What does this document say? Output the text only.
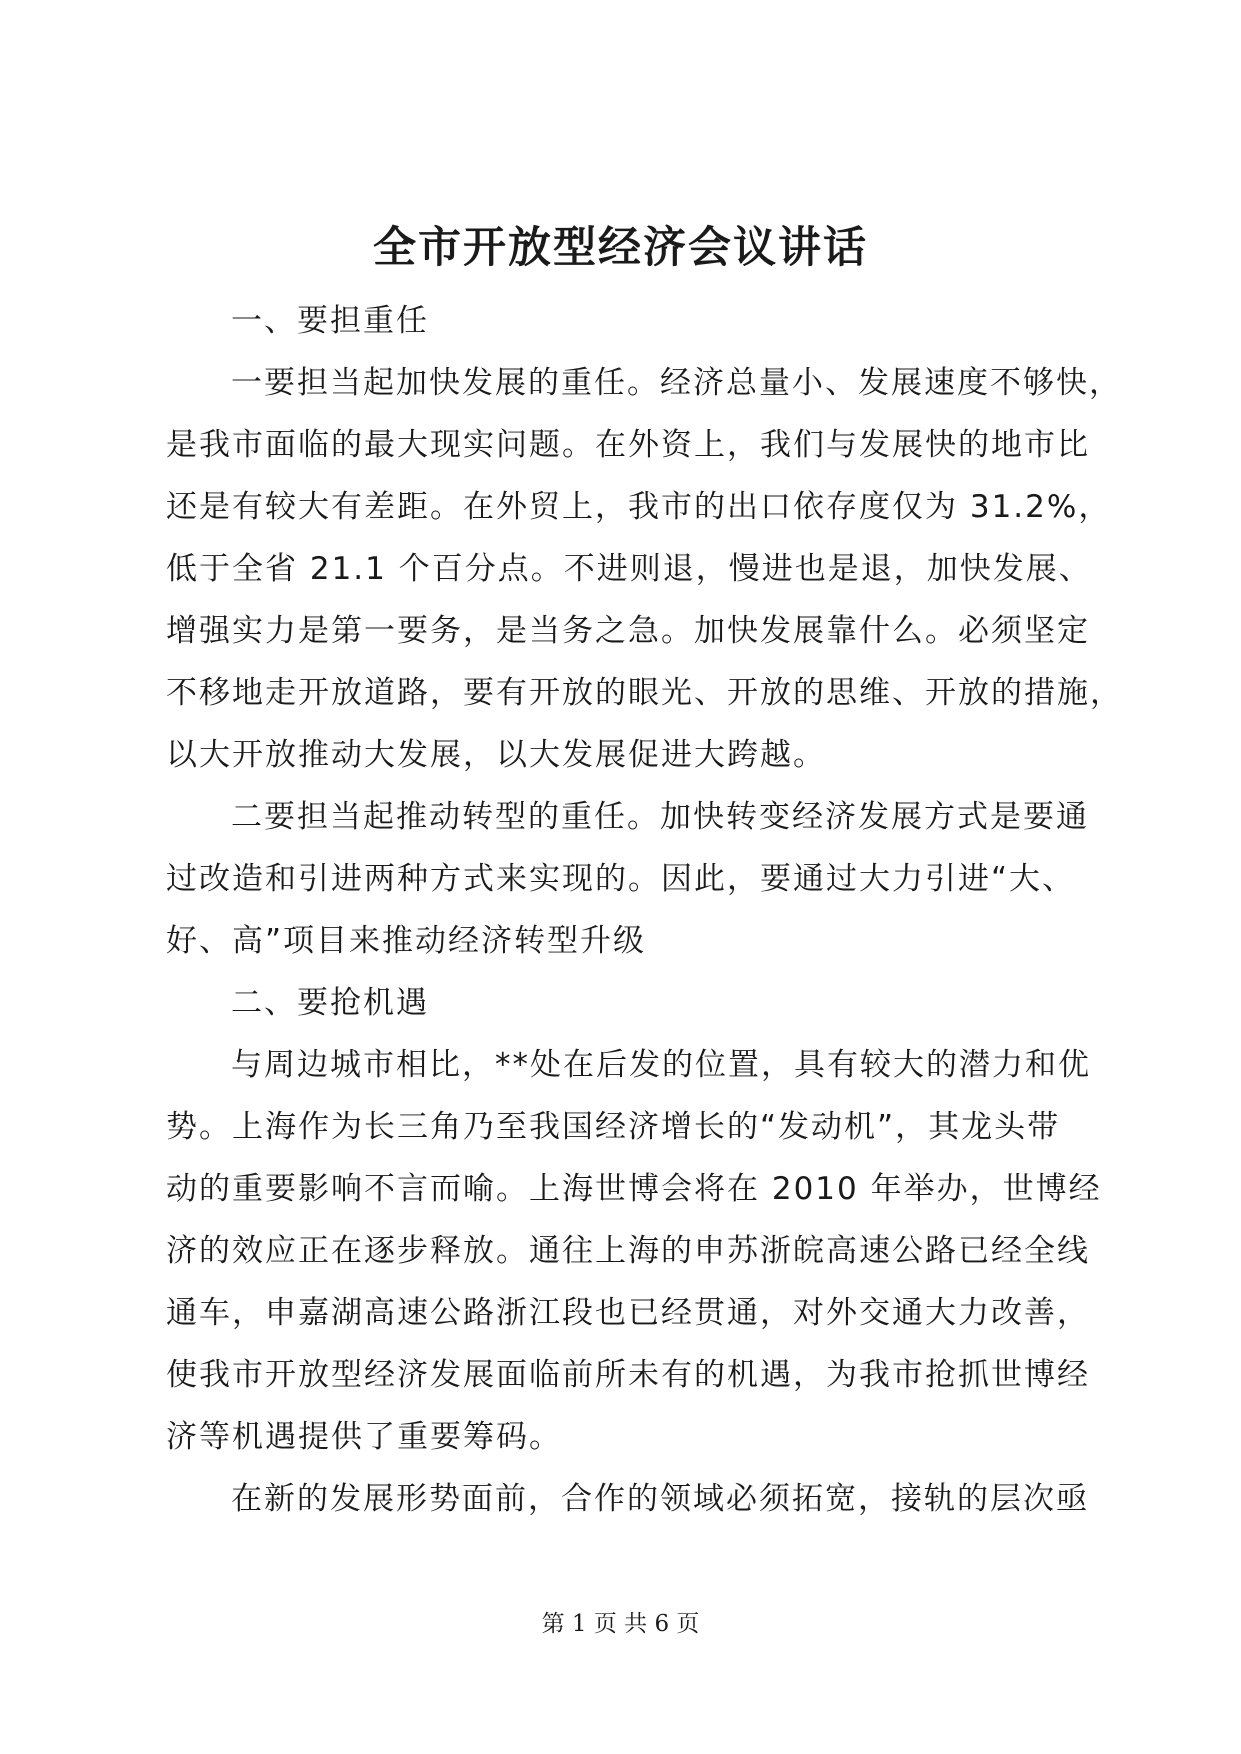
全市开放型经济会议讲话
一、要担重任
一要担当起加快发展的重任。经济总量小、发展速度不够快，
是我市面临的最大现实问题。在外资上，我们与发展快的地市比
还是有较大有差距。在外贸上，我市的出口依存度仅为 31.2%，
低于全省 21.1 个百分点。不进则退，慢进也是退，加快发展、
增强实力是第一要务，是当务之急。加快发展靠什么。必须坚定
不移地走开放道路，要有开放的眼光、开放的思维、开放的措施，
以大开放推动大发展，以大发展促进大跨越。
二要担当起推动转型的重任。加快转变经济发展方式是要通
过改造和引进两种方式来实现的。因此，要通过大力引进“大、
好、高”项目来推动经济转型升级
二、要抢机遇
与周边城市相比，**处在后发的位置，具有较大的潜力和优
势。上海作为长三角乃至我国经济增长的“发动机”，其龙头带
动的重要影响不言而喻。上海世博会将在 2010 年举办，世博经
济的效应正在逐步释放。通往上海的申苏浙皖高速公路已经全线
通车，申嘉湖高速公路浙江段也已经贯通，对外交通大力改善，
使我市开放型经济发展面临前所未有的机遇，为我市抢抓世博经
济等机遇提供了重要筹码。
在新的发展形势面前，合作的领域必须拓宽，接轨的层次亟
第 1 页 共 6 页
